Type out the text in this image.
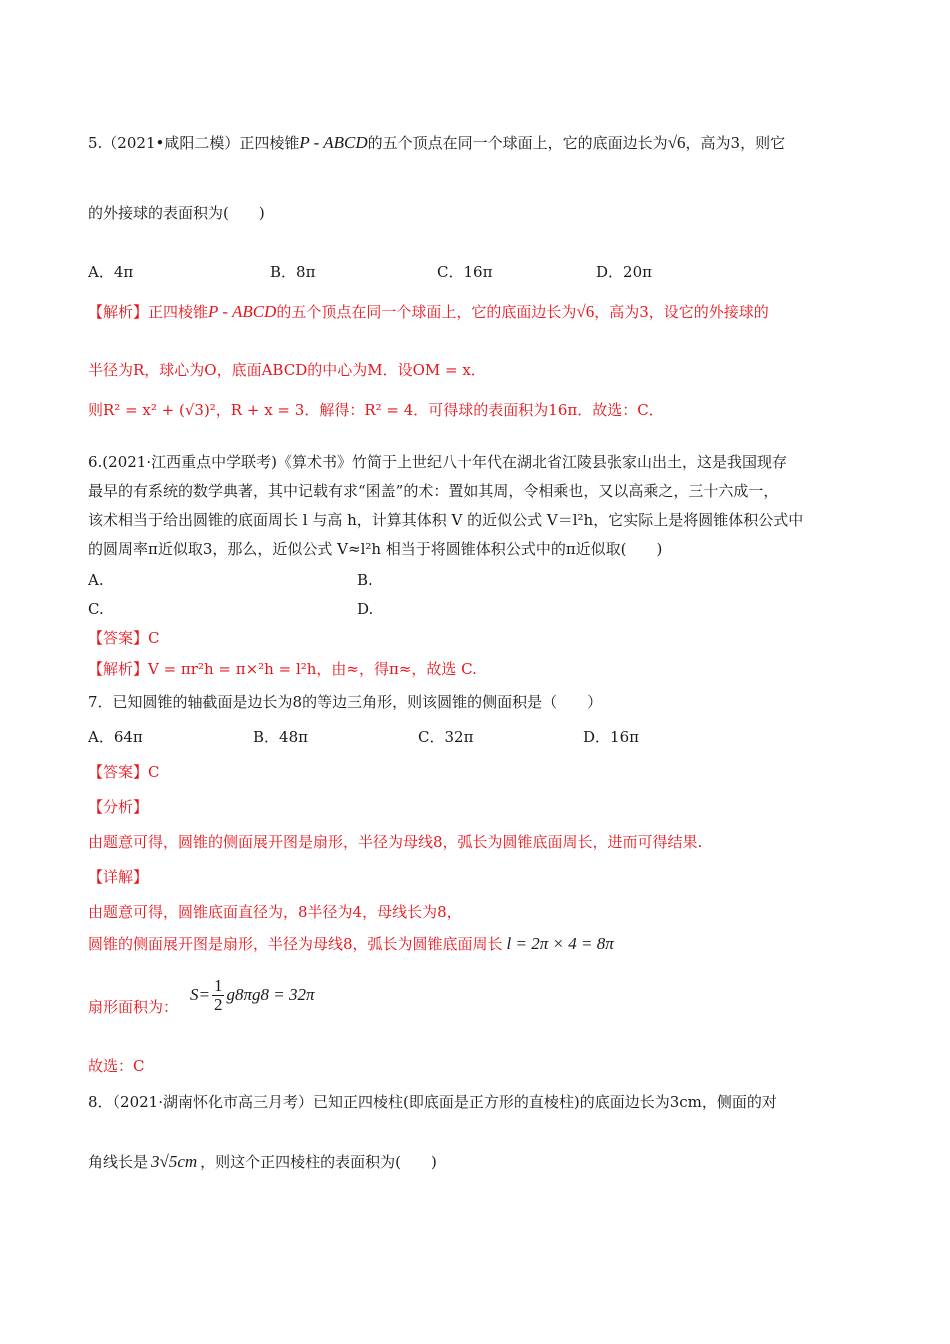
5.（2021•咸阳二模）正四棱锥P - ABCD的五个顶点在同一个球面上，它的底面边长为√6，高为3，则它
的外接球的表面积为(　　)
A．4π	B．8π	C．16π	D．20π
【解析】正四棱锥P - ABCD的五个顶点在同一个球面上，它的底面边长为√6，高为3，设它的外接球的
半径为R，球心为O，底面ABCD的中心为M．设OM = x．
则R² = x² + (√3)²，R + x = 3．解得：R² = 4．可得球的表面积为16π．故选：C．
6.(2021·江西重点中学联考)《算术书》竹简于上世纪八十年代在湖北省江陵县张家山出土，这是我国现存
最早的有系统的数学典著，其中记载有求“囷盖”的术：置如其周，令相乘也，又以高乘之，三十六成一，
该术相当于给出圆锥的底面周长 l 与高 h，计算其体积 V 的近似公式 V＝l²h，它实际上是将圆锥体积公式中
的圆周率π近似取3，那么，近似公式 V≈l²h 相当于将圆锥体积公式中的π近似取(　　)
A.	B.
C.	D.
【答案】C
【解析】V = πr²h = π×²h = l²h，由≈，得π≈，故选 C.
7．已知圆锥的轴截面是边长为8的等边三角形，则该圆锥的侧面积是（　　）
A．64π	B．48π	C．32π	D．16π
【答案】C
【分析】
由题意可得，圆锥的侧面展开图是扇形，半径为母线8，弧长为圆锥底面周长，进而可得结果.
【详解】
由题意可得，圆锥底面直径为，8半径为4，母线长为8，
圆锥的侧面展开图是扇形，半径为母线8，弧长为圆锥底面周长 l = 2π × 4 = 8π
扇形面积为：
$S= \frac{1}{2} g8\pi g8 = 32\pi$
故选：C
8．（2021·湖南怀化市高三月考）已知正四棱柱(即底面是正方形的直棱柱)的底面边长为3cm，侧面的对
角线长是 3√5cm ，则这个正四棱柱的表面积为(　　)
